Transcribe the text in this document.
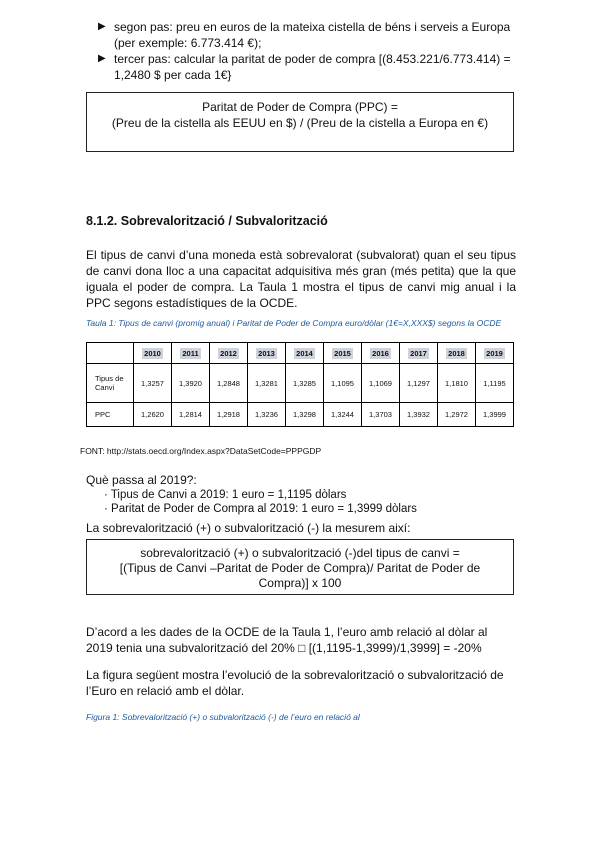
▶ segon pas: preu en euros de la mateixa cistella de béns i serveis a Europa (per exemple: 6.773.414 €);
▶ tercer pas: calcular la paritat de poder de compra [(8.453.221/6.773.414) = 1,2480 $ per cada 1€}
Paritat de Poder de Compra (PPC) =
(Preu de la cistella als EEUU en $) / (Preu de la cistella a Europa en €)
8.1.2. Sobrevalorització / Subvalorització
El tipus de canvi d’una moneda està sobrevalorat (subvalorat) quan el seu tipus de canvi dona lloc a una capacitat adquisitiva més gran (més petita) que la que iguala el poder de compra. La Taula 1 mostra el tipus de canvi mig anual i la PPC segons estadístiques de la OCDE.
Taula 1: Tipus de canvi (promig anual) i Paritat de Poder de Compra euro/dòlar (1€=X,XXX$) segons la OCDE
	2010	2011	2012	2013	2014	2015	2016	2017	2018	2019
Tipus de Canvi	1,3257	1,3920	1,2848	1,3281	1,3285	1,1095	1,1069	1,1297	1,1810	1,1195
PPC	1,2620	1,2814	1,2918	1,3236	1,3298	1,3244	1,3703	1,3932	1,2972	1,3999
FONT: http://stats.oecd.org/Index.aspx?DataSetCode=PPPGDP
Què passa al 2019?:
· Tipus de Canvi a 2019: 1 euro = 1,1195 dòlars
· Paritat de Poder de Compra al 2019: 1 euro = 1,3999 dòlars
La sobrevalorització (+) o subvalorització (-) la mesurem així:
sobrevalorització (+) o subvalorització (-)del tipus de canvi =
[(Tipus de Canvi –Paritat de Poder de Compra)/ Paritat de Poder de Compra)] x 100
D’acord a les dades de la OCDE de la Taula 1, l’euro amb relació al dòlar al 2019 tenia una subvalorització del 20% □ [(1,1195-1,3999)/1,3999] = -20%
La figura següent mostra l’evolució de la sobrevalorització o subvalorització de l’Euro en relació amb el dòlar.
Figura 1: Sobrevalorització (+) o subvalorització (-) de l’euro en relació al
